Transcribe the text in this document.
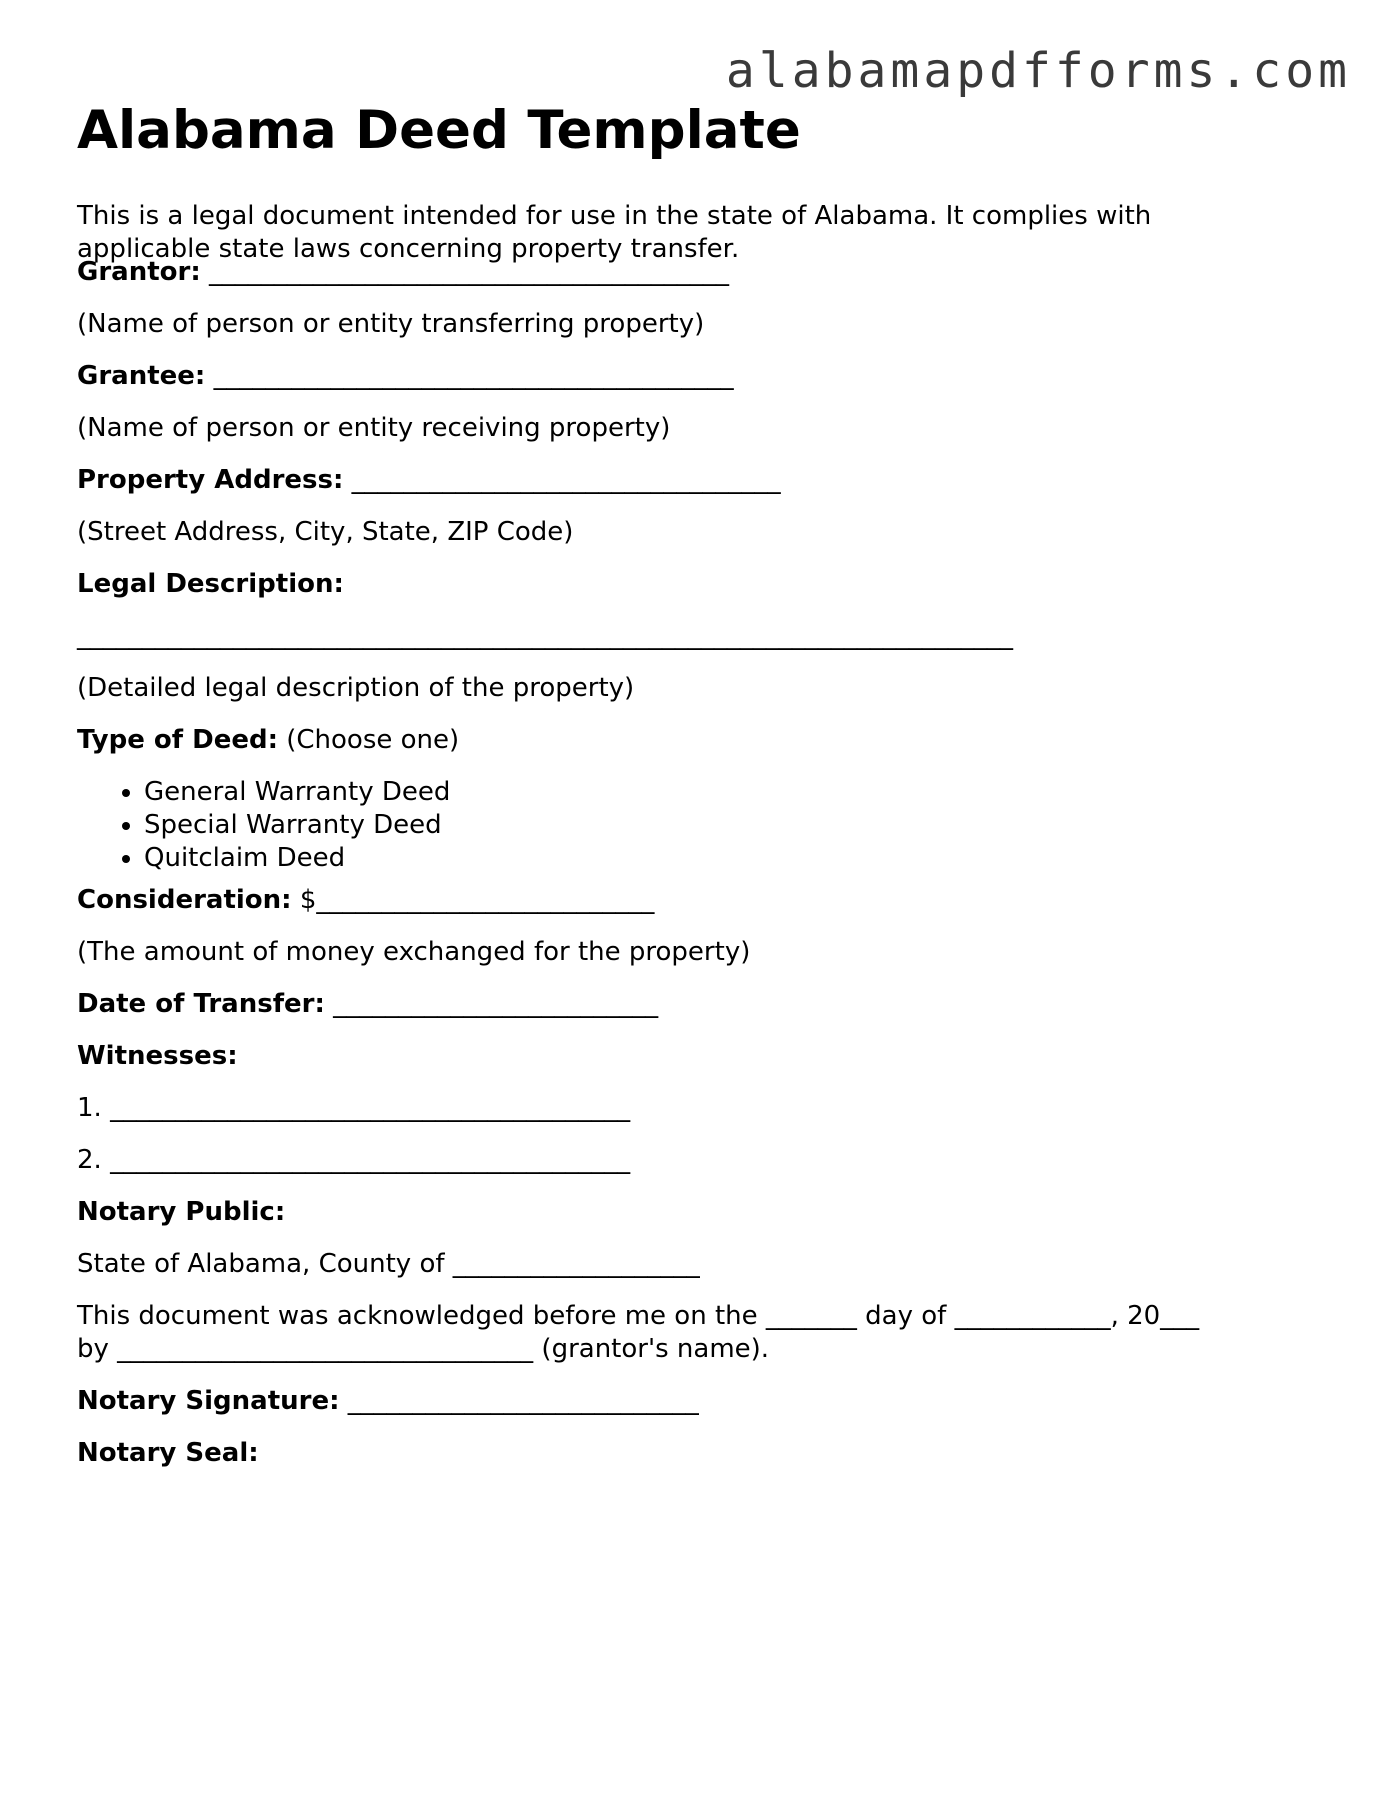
alabamapdfforms.com
Alabama Deed Template

This is a legal document intended for use in the state of Alabama. It complies with

applicable state laws concerning property transfer.

Grantor: ________________________________________
(Name of person or entity transferring property)
Grantee: ________________________________________
(Name of person or entity receiving property)
Property Address: _________________________________
(Street Address, City, State, ZIP Code)
Legal Description:
________________________________________________________________________
(Detailed legal description of the property)
Type of Deed: (Choose one)
• General Warranty Deed
• Special Warranty Deed
• Quitclaim Deed
Consideration: $__________________________
(The amount of money exchanged for the property)
Date of Transfer: _________________________
Witnesses:
1. ________________________________________
2. ________________________________________
Notary Public:
State of Alabama, County of ___________________
This document was acknowledged before me on the _______ day of ____________, 20___
by ________________________________ (grantor's name).
Notary Signature: ___________________________
Notary Seal:
